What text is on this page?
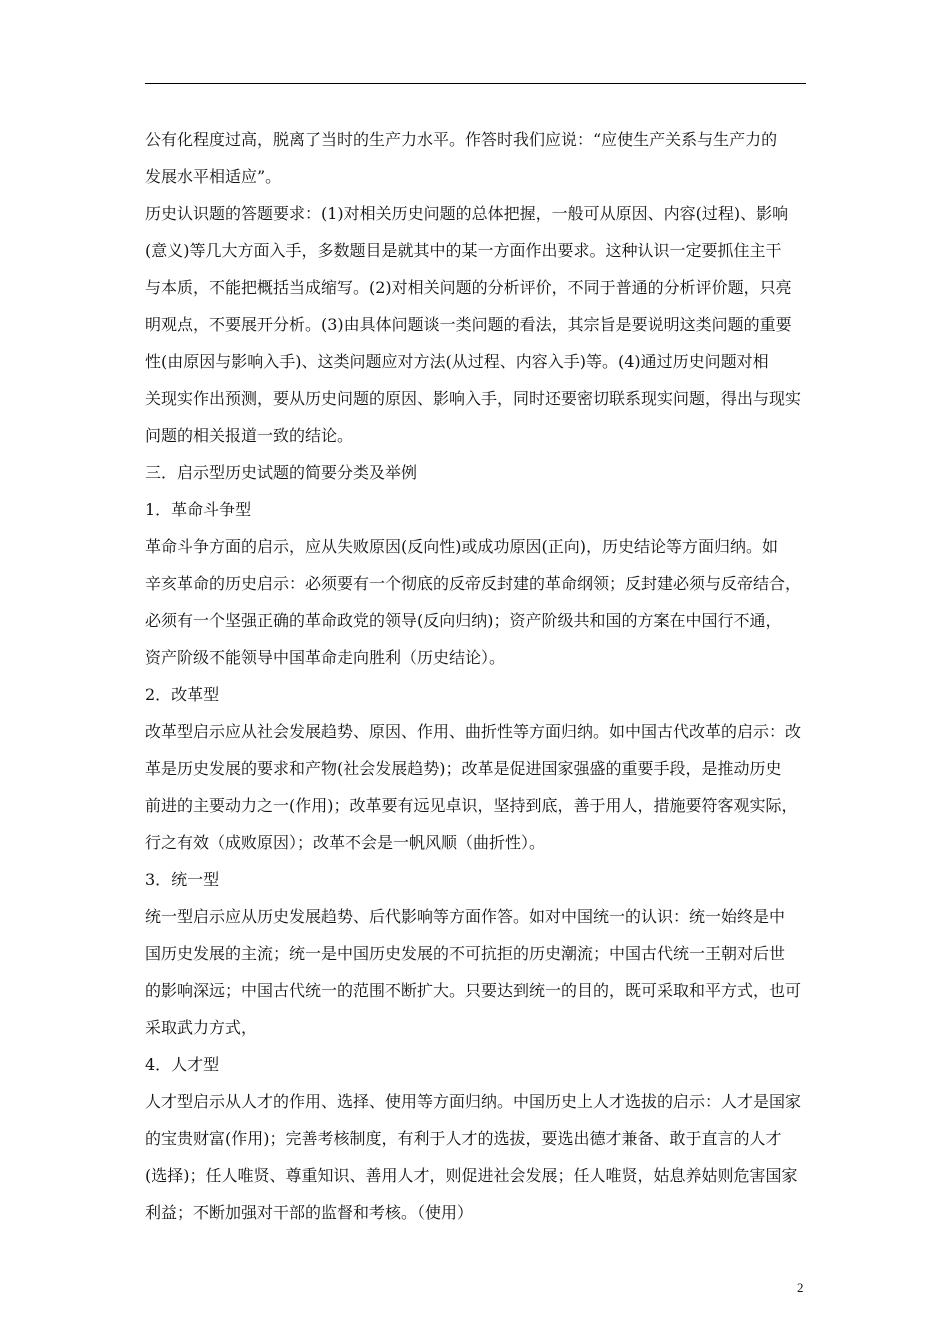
公有化程度过高，脱离了当时的生产力水平。作答时我们应说：“应使生产关系与生产力的

发展水平相适应”。

历史认识题的答题要求：(1)对相关历史问题的总体把握，一般可从原因、内容(过程)、影响

(意义)等几大方面入手，多数题目是就其中的某一方面作出要求。这种认识一定要抓住主干

与本质，不能把概括当成缩写。(2)对相关问题的分析评价，不同于普通的分析评价题，只亮

明观点，不要展开分析。(3)由具体问题谈一类问题的看法，其宗旨是要说明这类问题的重要

性(由原因与影响入手)、这类问题应对方法(从过程、内容入手)等。(4)通过历史问题对相

关现实作出预测，要从历史问题的原因、影响入手，同时还要密切联系现实问题，得出与现实

问题的相关报道一致的结论。

三．启示型历史试题的简要分类及举例

1．革命斗争型

革命斗争方面的启示，应从失败原因(反向性)或成功原因(正向)，历史结论等方面归纳。如

辛亥革命的历史启示：必须要有一个彻底的反帝反封建的革命纲领；反封建必须与反帝结合，

必须有一个坚强正确的革命政党的领导(反向归纳)；资产阶级共和国的方案在中国行不通，

资产阶级不能领导中国革命走向胜利（历史结论）。

2．改革型

改革型启示应从社会发展趋势、原因、作用、曲折性等方面归纳。如中国古代改革的启示：改

革是历史发展的要求和产物(社会发展趋势)；改革是促进国家强盛的重要手段，是推动历史

前进的主要动力之一(作用)；改革要有远见卓识，坚持到底，善于用人，措施要符客观实际，

行之有效（成败原因）；改革不会是一帆风顺（曲折性）。

3．统一型

统一型启示应从历史发展趋势、后代影响等方面作答。如对中国统一的认识：统一始终是中

国历史发展的主流；统一是中国历史发展的不可抗拒的历史潮流；中国古代统一王朝对后世

的影响深远；中国古代统一的范围不断扩大。只要达到统一的目的，既可采取和平方式，也可

采取武力方式，

4．人才型

人才型启示从人才的作用、选择、使用等方面归纳。中国历史上人才选拔的启示：人才是国家

的宝贵财富(作用)；完善考核制度，有利于人才的选拔，要选出德才兼备、敢于直言的人才

(选择)；任人唯贤、尊重知识、善用人才，则促进社会发展；任人唯贤，姑息养姑则危害国家

利益；不断加强对干部的监督和考核。（使用）

2
